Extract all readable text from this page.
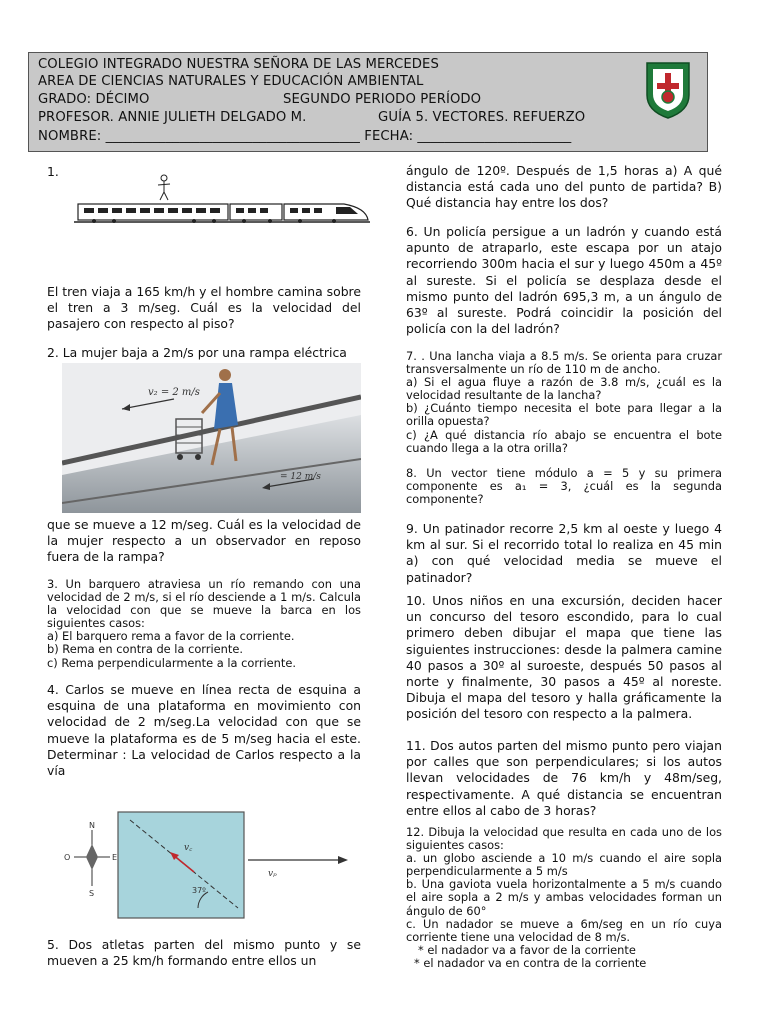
COLEGIO INTEGRADO NUESTRA SEÑORA DE LAS MERCEDES
AREA DE CIENCIAS NATURALES Y EDUCACIÓN AMBIENTAL
GRADO: DÉCIMO	SEGUNDO PERIODO PERÍODO
PROFESOR. ANNIE JULIETH DELGADO M.	GUÍA 5. VECTORES. REFUERZO
NOMBRE: ______________________________________ FECHA: _______________________
1.

El tren viaja a 165 km/h y el hombre camina sobre el tren a 3 m/seg. Cuál es la velocidad del pasajero con respecto al piso?

2. La mujer baja a 2m/s por una rampa eléctrica

v₂ = 2 m/s
= 12 m/s

que se mueve a 12 m/seg. Cuál es la velocidad de la mujer respecto a un observador en reposo fuera de la rampa?

3. Un barquero atraviesa un río remando con una velocidad de 2 m/s, si el río desciende a 1 m/s. Calcula la velocidad con que se mueve la barca en los siguientes casos:

a) El barquero rema a favor de la corriente.

b) Rema en contra de la corriente.

c) Rema perpendicularmente a la corriente.

4. Carlos se mueve en línea recta de esquina a esquina de una plataforma en movimiento con velocidad de 2 m/seg.La velocidad con que se mueve la plataforma es de 5 m/seg hacia el este. Determinar : La velocidad de Carlos respecto a la vía

N
S
E
O
37º
v꜀
vₚ

5. Dos atletas parten del mismo punto y se mueven a 25 km/h formando entre ellos un

ángulo de 120º. Después de 1,5 horas a) A qué distancia está cada uno del punto de partida? B) Qué distancia hay entre los dos?

6. Un policía persigue a un ladrón y cuando está apunto de atraparlo, este escapa por un atajo recorriendo 300m hacia el sur y luego 450m a 45º al sureste. Si el policía se desplaza desde el mismo punto del ladrón 695,3 m, a un ángulo de 63º al sureste. Podrá coincidir la posición del policía con la del ladrón?

7. . Una lancha viaja a 8.5 m/s. Se orienta para cruzar transversalmente un río de 110 m de ancho.

a) Si el agua fluye a razón de 3.8 m/s, ¿cuál es la velocidad resultante de la lancha?

b) ¿Cuánto tiempo necesita el bote para llegar a la orilla opuesta?

c) ¿A qué distancia río abajo se encuentra el bote cuando llega a la otra orilla?

8. Un vector tiene módulo a = 5 y su primera componente es a₁ = 3, ¿cuál es la segunda componente?

9. Un patinador recorre 2,5 km al oeste y luego 4 km al sur. Si el recorrido total lo realiza en 45 min a) con qué velocidad media se mueve el patinador?

10. Unos niños en una excursión, deciden hacer un concurso del tesoro escondido, para lo cual primero deben dibujar el mapa que tiene las siguientes instrucciones: desde la palmera camine 40 pasos a 30º al suroeste, después 50 pasos al norte y finalmente, 30 pasos a 45º al noreste. Dibuja el mapa del tesoro y halla gráficamente la posición del tesoro con respecto a la palmera.

11. Dos autos parten del mismo punto pero viajan por calles que son perpendiculares; si los autos llevan velocidades de 76 km/h y 48m/seg, respectivamente. A qué distancia se encuentran entre ellos al cabo de 3 horas?

12. Dibuja la velocidad que resulta en cada uno de los siguientes casos:

a. un globo asciende a 10 m/s cuando el aire sopla perpendicularmente a 5 m/s

b. Una gaviota vuela horizontalmente a 5 m/s cuando el aire sopla a 2 m/s y ambas velocidades forman un ángulo de 60°

c. Un nadador se mueve a 6m/seg en un río cuya corriente tiene una velocidad de 8 m/s.

* el nadador va a favor de la corriente

* el nadador va en contra de la corriente
